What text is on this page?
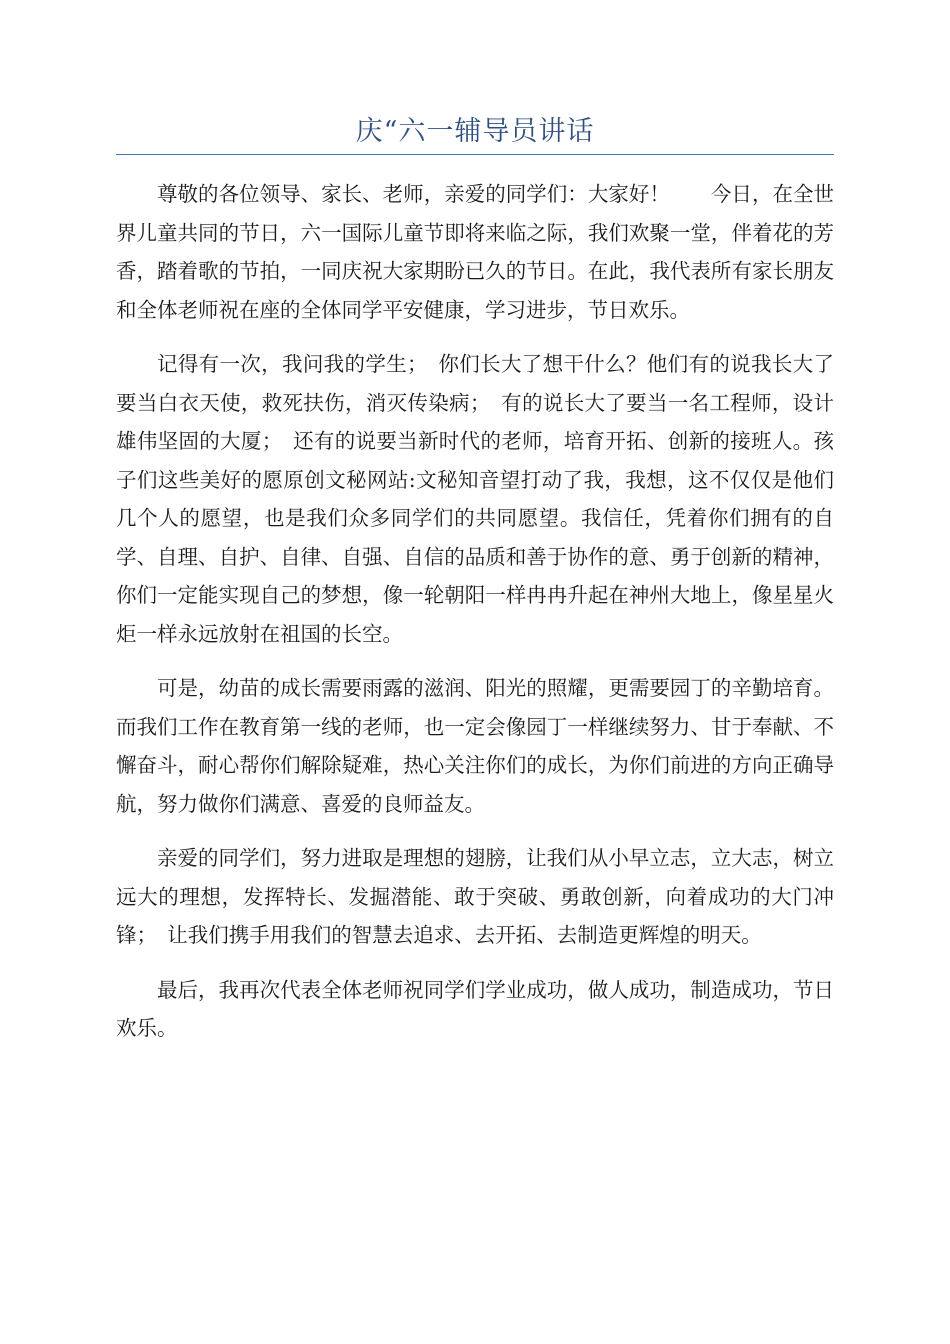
庆“六一辅导员讲话

尊敬的各位领导、家长、老师，亲爱的同学们：大家好！　　今日，在全世界儿童共同的节日，六一国际儿童节即将来临之际，我们欢聚一堂，伴着花的芳香，踏着歌的节拍，一同庆祝大家期盼已久的节日。在此，我代表所有家长朋友和全体老师祝在座的全体同学平安健康，学习进步，节日欢乐。

记得有一次，我问我的学生；　你们长大了想干什么？他们有的说我长大了要当白衣天使，救死扶伤，消灭传染病；　有的说长大了要当一名工程师，设计雄伟坚固的大厦；　还有的说要当新时代的老师，培育开拓、创新的接班人。孩子们这些美好的愿原创文秘网站:文秘知音望打动了我，我想，这不仅仅是他们几个人的愿望，也是我们众多同学们的共同愿望。我信任，凭着你们拥有的自学、自理、自护、自律、自强、自信的品质和善于协作的意、勇于创新的精神，你们一定能实现自己的梦想，像一轮朝阳一样冉冉升起在神州大地上，像星星火炬一样永远放射在祖国的长空。

可是，幼苗的成长需要雨露的滋润、阳光的照耀，更需要园丁的辛勤培育。而我们工作在教育第一线的老师，也一定会像园丁一样继续努力、甘于奉献、不懈奋斗，耐心帮你们解除疑难，热心关注你们的成长，为你们前进的方向正确导航，努力做你们满意、喜爱的良师益友。

亲爱的同学们，努力进取是理想的翅膀，让我们从小早立志，立大志，树立远大的理想，发挥特长、发掘潜能、敢于突破、勇敢创新，向着成功的大门冲锋；　让我们携手用我们的智慧去追求、去开拓、去制造更辉煌的明天。

最后，我再次代表全体老师祝同学们学业成功，做人成功，制造成功，节日欢乐。
